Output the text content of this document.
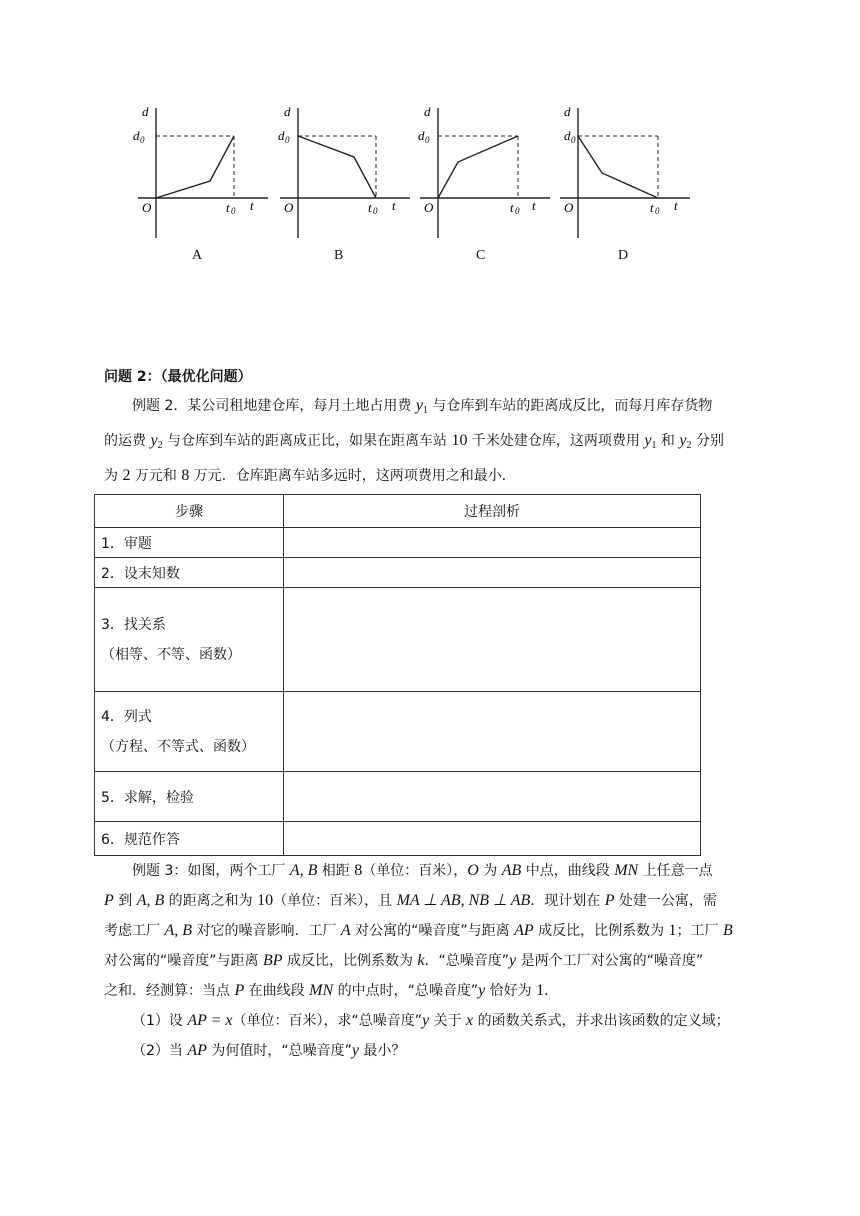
d
d 0
O	t 0 t
A
d
d 0
O	t 0 t
B
d
d 0
O	t 0 t
C
d
d 0
O	t 0 t
D
问题 2：（最优化问题）
例题 2．某公司租地建仓库，每月土地占用费 $y_1$ 与仓库到车站的距离成反比，而每月库存货物
的运费 $y_2$ 与仓库到车站的距离成正比，如果在距离车站 10 千米处建仓库，这两项费用 $y_1$ 和 $y_2$ 分别
为 2 万元和 8 万元．仓库距离车站多远时，这两项费用之和最小．
步骤	过程剖析
1．审题	
2．设末知数	

3．找关系
（相等、不等、函数）	

4．列式
（方程、不等式、函数）	

5．求解，检验	
6．规范作答	
例题 3：如图，两个工厂 A, B 相距 8（单位：百米），O 为 AB 中点，曲线段 MN 上任意一点
P 到 A, B 的距离之和为 10（单位：百米），且 MA ⊥ AB, NB ⊥ AB．现计划在 P 处建一公寓，需
考虑工厂 A, B 对它的噪音影响．工厂 A 对公寓的“噪音度”与距离 AP 成反比，比例系数为 1；工厂 B
对公寓的“噪音度”与距离 BP 成反比，比例系数为 k．“总噪音度”y 是两个工厂对公寓的“噪音度”
之和．经测算：当点 P 在曲线段 MN 的中点时，“总噪音度”y 恰好为 1．
（1）设 AP = x（单位：百米），求“总噪音度”y 关于 x 的函数关系式，并求出该函数的定义域；
（2）当 AP 为何值时，“总噪音度”y 最小？
